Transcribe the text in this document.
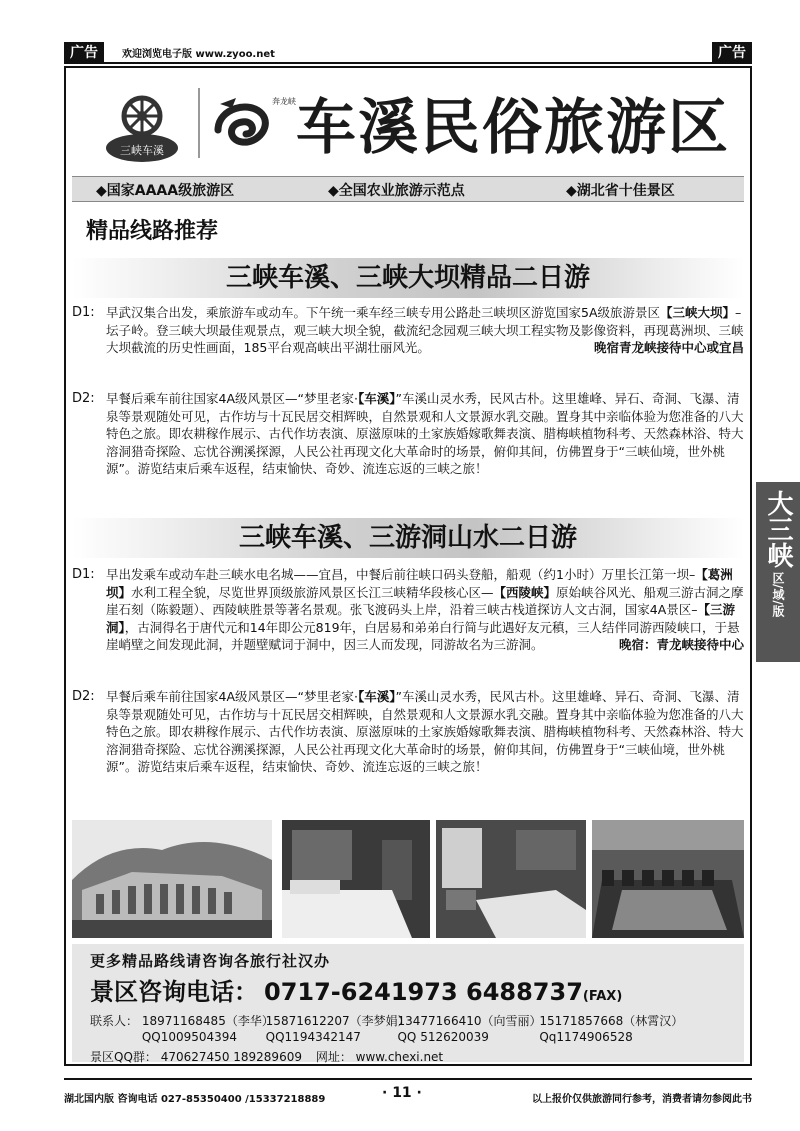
广告	欢迎浏览电子版 www.zyoo.net	广告
三峡车溪
奔龙峡 车溪民俗旅游区
◆国家AAAA级旅游区	◆全国农业旅游示范点	◆湖北省十佳景区
精品线路推荐
三峡车溪、三峡大坝精品二日游
D1: 早武汉集合出发，乘旅游车或动车。下午统一乘车经三峡专用公路赴三峡坝区游览国家5A级旅游景区【三峡大坝】–坛子岭。登三峡大坝最佳观景点，观三峡大坝全貌，截流纪念园观三峡大坝工程实物及影像资料，再现葛洲坝、三峡大坝截流的历史性画面，185平台观高峡出平湖壮丽风光。	晚宿青龙峡接待中心或宜昌
D2: 早餐后乘车前往国家4A级风景区—“梦里老家·【车溪】”车溪山灵水秀，民风古朴。这里雄峰、异石、奇洞、飞瀑、清泉等景观随处可见，古作坊与十瓦民居交相辉映，自然景观和人文景源水乳交融。置身其中亲临体验为您准备的八大特色之旅。即农耕稼作展示、古代作坊表演、原滋原味的土家族婚嫁歌舞表演、腊梅峡植物科考、天然森林浴、特大溶洞猎奇探险、忘忧谷溯溪探源，人民公社再现文化大革命时的场景，俯仰其间，仿佛置身于“三峡仙境，世外桃源”。游览结束后乘车返程，结束愉快、奇妙、流连忘返的三峡之旅！
三峡车溪、三游洞山水二日游
D1: 早出发乘车或动车赴三峡水电名城——宜昌，中餐后前往峡口码头登船，船观（约1小时）万里长江第一坝–【葛洲坝】水利工程全貌，尽览世界顶级旅游风景区长江三峡精华段核心区—【西陵峡】原始峡谷风光、船观三游古洞之摩崖石刻（陈毅题）、西陵峡胜景等著名景观。张飞渡码头上岸，沿着三峡古栈道探访人文古洞，国家4A景区–【三游洞】，古洞得名于唐代元和14年即公元819年，白居易和弟弟白行简与此遇好友元稹，三人结伴同游西陵峡口，于悬崖峭壁之间发现此洞，并题壁赋词于洞中，因三人而发现，同游故名为三游洞。	晚宿：青龙峡接待中心
D2: 早餐后乘车前往国家4A级风景区—“梦里老家·【车溪】”车溪山灵水秀，民风古朴。这里雄峰、异石、奇洞、飞瀑、清泉等景观随处可见，古作坊与十瓦民居交相辉映，自然景观和人文景源水乳交融。置身其中亲临体验为您准备的八大特色之旅。即农耕稼作展示、古代作坊表演、原滋原味的土家族婚嫁歌舞表演、腊梅峡植物科考、天然森林浴、特大溶洞猎奇探险、忘忧谷溯溪探源，人民公社再现文化大革命时的场景，俯仰其间，仿佛置身于“三峡仙境，世外桃源”。游览结束后乘车返程，结束愉快、奇妙、流连忘返的三峡之旅！
更多精品路线请咨询各旅行社汉办
景区咨询电话： 0717-6241973 6488737(FAX)
联系人： 18971168485（李华） 15871612207（李梦娟） 13477166410（向雪丽） 15171857668（林霄汉）
QQ1009504394 QQ1194342147	QQ 512620039	Qq1174906528
景区QQ群： 470627450 189289609 网址： www.chexi.net
大三峡
区/域/版
湖北国内版 咨询电话 027-85350400 /15337218889	· 11 ·	以上报价仅供旅游同行参考，消费者请勿参阅此书
